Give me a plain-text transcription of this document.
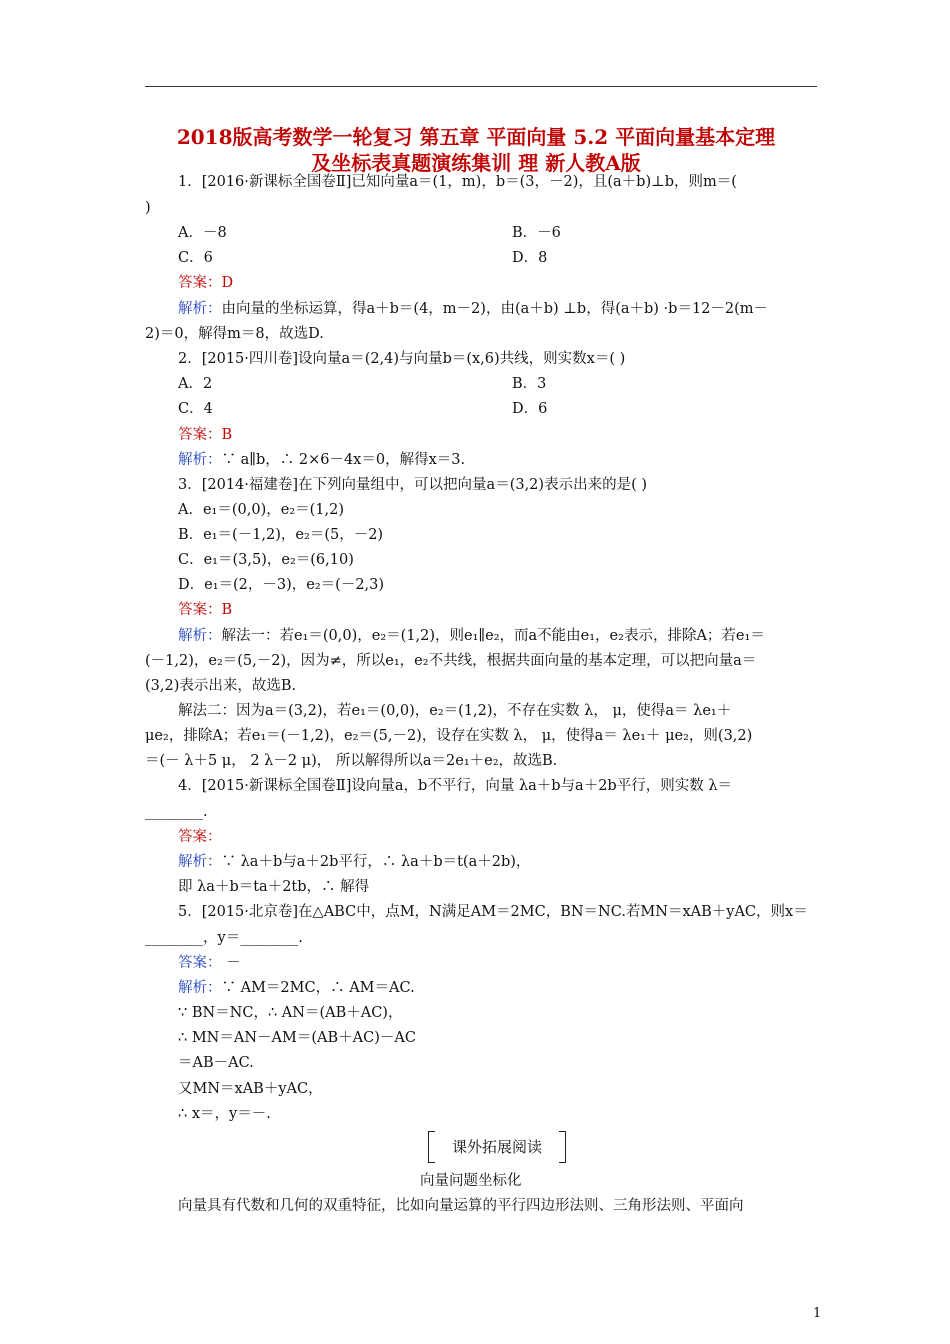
2018版高考数学一轮复习 第五章 平面向量 5.2 平面向量基本定理
及坐标表真题演练集训 理 新人教A版
1．[2016·新课标全国卷Ⅱ]已知向量a＝(1，m)，b＝(3，－2)，且(a＋b)⊥b，则m＝(
)
A．－8	B．－6
C．6	D．8
答案：D
解析：由向量的坐标运算，得a＋b＝(4，m－2)，由(a＋b) ⊥b，得(a＋b) ·b＝12－2(m－
2)＝0，解得m＝8，故选D.
2．[2015·四川卷]设向量a＝(2,4)与向量b＝(x,6)共线，则实数x＝( )
A．2	B．3
C．4	D．6
答案：B
解析：∵ a∥b，∴ 2×6－4x＝0，解得x＝3.
3．[2014·福建卷]在下列向量组中，可以把向量a＝(3,2)表示出来的是( )
A．e₁＝(0,0)，e₂＝(1,2)
B．e₁＝(－1,2)，e₂＝(5，－2)
C．e₁＝(3,5)，e₂＝(6,10)
D．e₁＝(2，－3)，e₂＝(－2,3)
答案：B
解析：解法一：若e₁＝(0,0)，e₂＝(1,2)，则e₁∥e₂，而a不能由e₁，e₂表示，排除A；若e₁＝
(－1,2)，e₂＝(5,－2)，因为≠，所以e₁，e₂不共线，根据共面向量的基本定理，可以把向量a＝
(3,2)表示出来，故选B.
解法二：因为a＝(3,2)，若e₁＝(0,0)，e₂＝(1,2)，不存在实数 λ， μ，使得a＝ λe₁＋
μe₂，排除A；若e₁＝(－1,2)，e₂＝(5,－2)，设存在实数 λ， μ，使得a＝ λe₁＋ μe₂，则(3,2)
＝(－ λ＋5 μ， 2 λ－2 μ)， 所以解得所以a＝2e₁＋e₂，故选B.
4．[2015·新课标全国卷Ⅱ]设向量a，b不平行，向量 λa＋b与a＋2b平行，则实数 λ＝
________.
答案：
解析：∵ λa＋b与a＋2b平行，∴ λa＋b＝t(a＋2b)，
即 λa＋b＝ta＋2tb，∴ 解得
5．[2015·北京卷]在△ABC中，点M，N满足AM＝2MC，BN＝NC.若MN＝xAB＋yAC，则x＝
________，y＝________.
答案： －
解析：∵ AM＝2MC，∴ AM＝AC.
∵ BN＝NC，∴ AN＝(AB＋AC)，
∴ MN＝AN－AM＝(AB＋AC)－AC
＝AB－AC.
又MN＝xAB＋yAC，
∴ x＝，y＝－.
向量问题坐标化
向量具有代数和几何的双重特征，比如向量运算的平行四边形法则、三角形法则、平面向
课外拓展阅读
1
